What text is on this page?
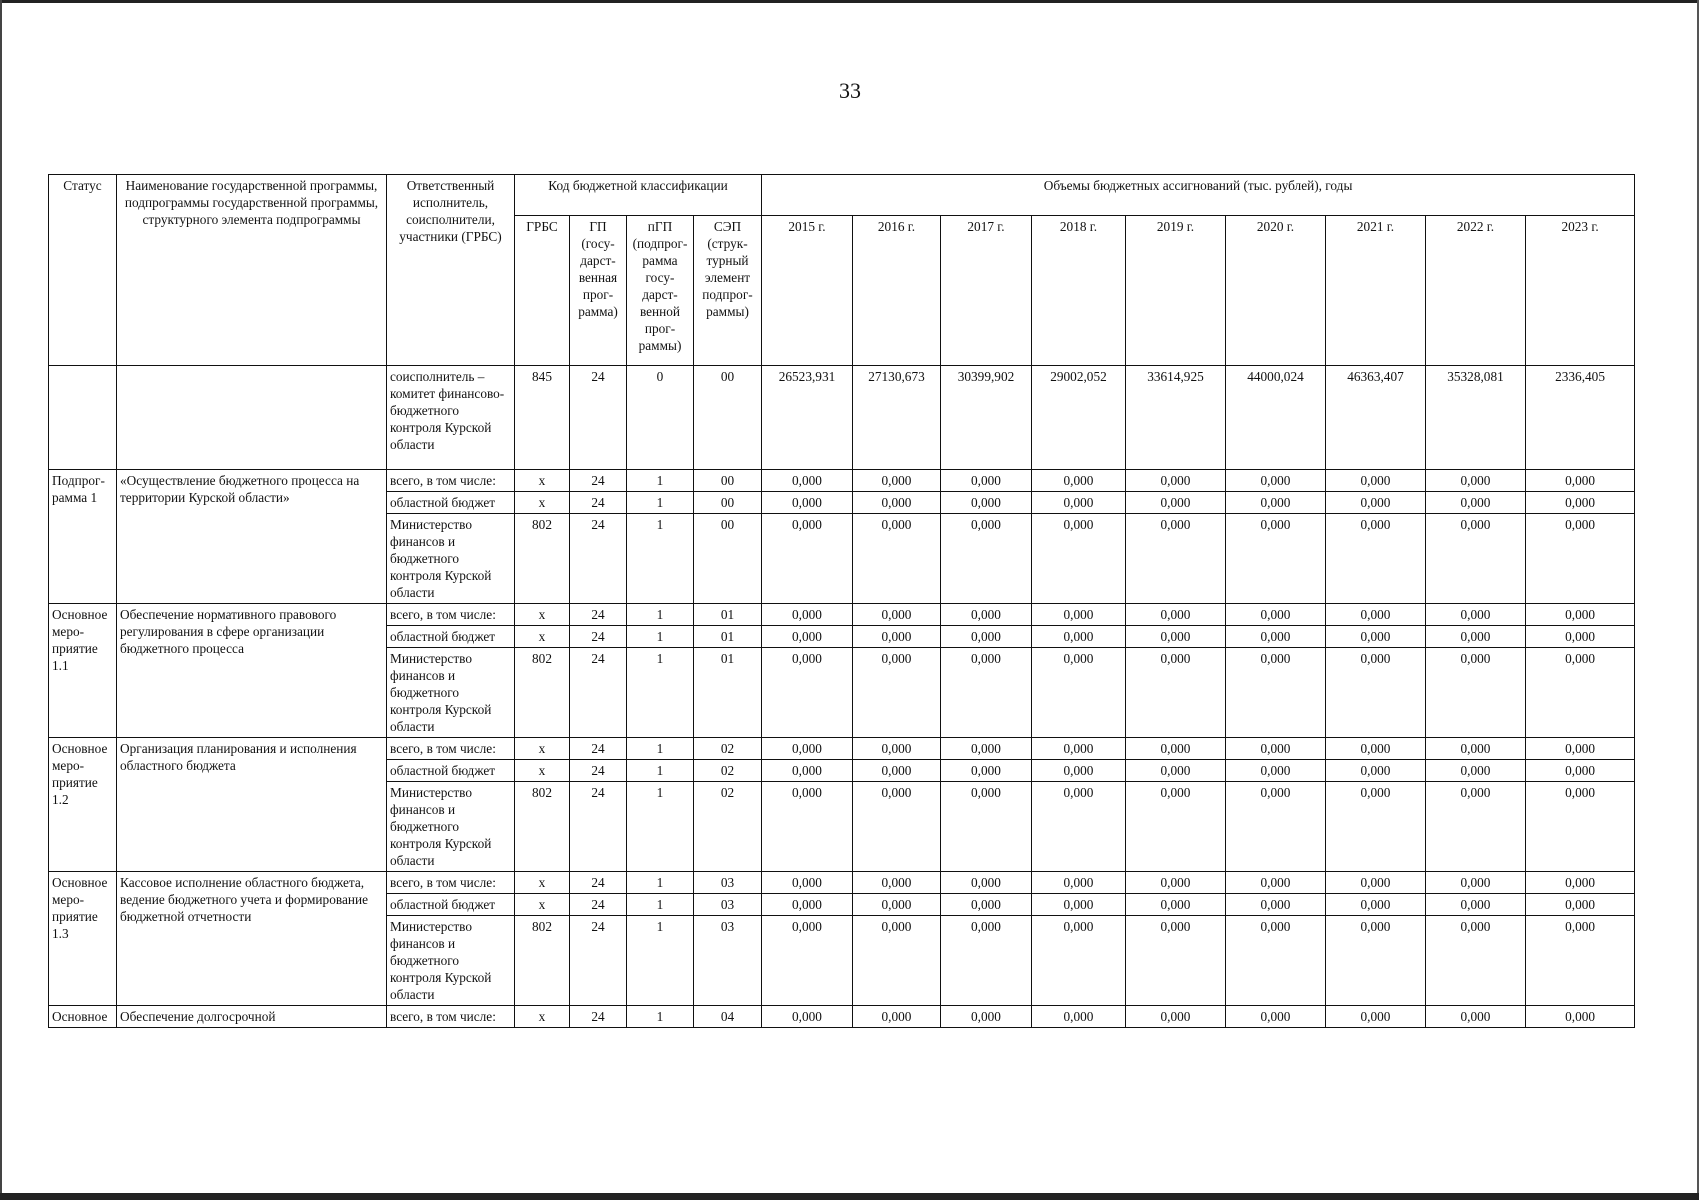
33
Статус	Наименование государственной программы, подпрограммы государственной программы, структурного элемента подпрограммы	Ответственный исполнитель, соисполнители, участники (ГРБС)	Код бюджетной классификации				Объемы бюджетных ассигнований (тыс. рублей), годы								
			ГРБС	ГП (госу-дарст-венная прог-рамма)	пГП (подпрог-рамма госу-дарст-венной прог-раммы)	СЭП (струк-турный элемент подпрог-раммы)	2015 г.	2016 г.	2017 г.	2018 г.	2019 г.	2020 г.	2021 г.	2022 г.	2023 г.
		соисполнитель – комитет финансово-бюджетного контроля Курской области	845	24	0	00	26523,931	27130,673	30399,902	29002,052	33614,925	44000,024	46363,407	35328,081	2336,405
Подпрог-рамма 1	«Осуществление бюджетного процесса на территории Курской области»	всего, в том числе:	x	24	1	00	0,000	0,000	0,000	0,000	0,000	0,000	0,000	0,000	0,000
		областной бюджет	x	24	1	00	0,000	0,000	0,000	0,000	0,000	0,000	0,000	0,000	0,000
		Министерство финансов и бюджетного контроля Курской области	802	24	1	00	0,000	0,000	0,000	0,000	0,000	0,000	0,000	0,000	0,000
Основное меро-приятие 1.1	Обеспечение нормативного правового регулирования в сфере организации бюджетного процесса	всего, в том числе:	x	24	1	01	0,000	0,000	0,000	0,000	0,000	0,000	0,000	0,000	0,000
		областной бюджет	x	24	1	01	0,000	0,000	0,000	0,000	0,000	0,000	0,000	0,000	0,000
		Министерство финансов и бюджетного контроля Курской области	802	24	1	01	0,000	0,000	0,000	0,000	0,000	0,000	0,000	0,000	0,000
Основное меро-приятие 1.2	Организация планирования и исполнения областного бюджета	всего, в том числе:	x	24	1	02	0,000	0,000	0,000	0,000	0,000	0,000	0,000	0,000	0,000
		областной бюджет	x	24	1	02	0,000	0,000	0,000	0,000	0,000	0,000	0,000	0,000	0,000
		Министерство финансов и бюджетного контроля Курской области	802	24	1	02	0,000	0,000	0,000	0,000	0,000	0,000	0,000	0,000	0,000
Основное меро-приятие 1.3	Кассовое исполнение областного бюджета, ведение бюджетного учета и формирование бюджетной отчетности	всего, в том числе:	x	24	1	03	0,000	0,000	0,000	0,000	0,000	0,000	0,000	0,000	0,000
		областной бюджет	x	24	1	03	0,000	0,000	0,000	0,000	0,000	0,000	0,000	0,000	0,000
		Министерство финансов и бюджетного контроля Курской области	802	24	1	03	0,000	0,000	0,000	0,000	0,000	0,000	0,000	0,000	0,000
Основное	Обеспечение долгосрочной	всего, в том числе:	x	24	1	04	0,000	0,000	0,000	0,000	0,000	0,000	0,000	0,000	0,000
